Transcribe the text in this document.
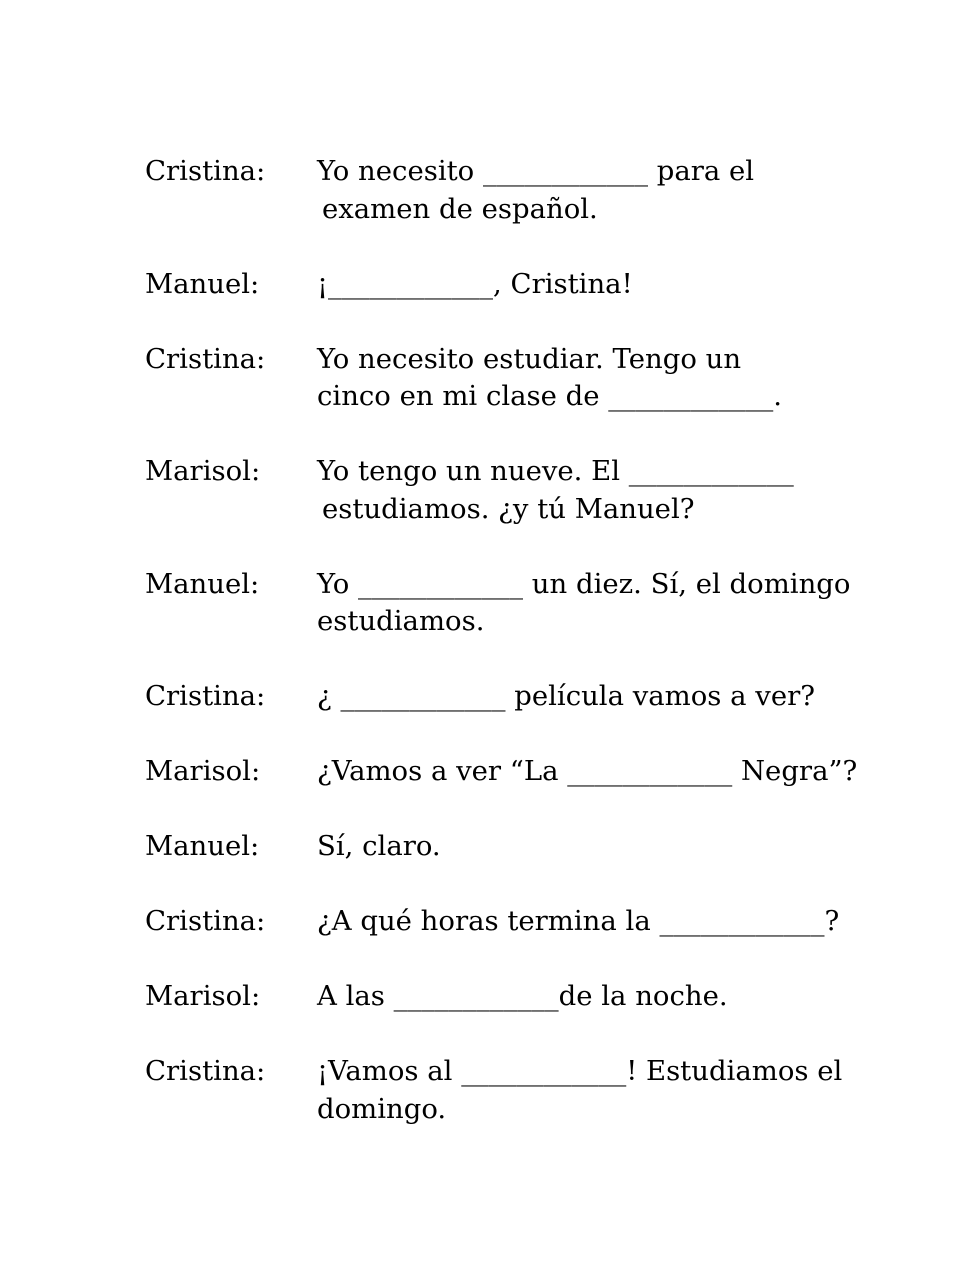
Cristina:	Yo necesito ____________ para el
examen de español.
Manuel:	¡____________, Cristina!
Cristina:	Yo necesito estudiar. Tengo un
cinco en mi clase de ____________.
Marisol:	Yo tengo un nueve. El ____________
estudiamos. ¿y tú Manuel?
Manuel:	Yo ____________ un diez. Sí, el domingo
estudiamos.
Cristina:	¿ ____________ película vamos a ver?
Marisol:	¿Vamos a ver “La ____________ Negra”?
Manuel:	Sí, claro.
Cristina:	¿A qué horas termina la ____________?
Marisol:	A las ____________de la noche.
Cristina:	¡Vamos al ____________! Estudiamos el
domingo.
